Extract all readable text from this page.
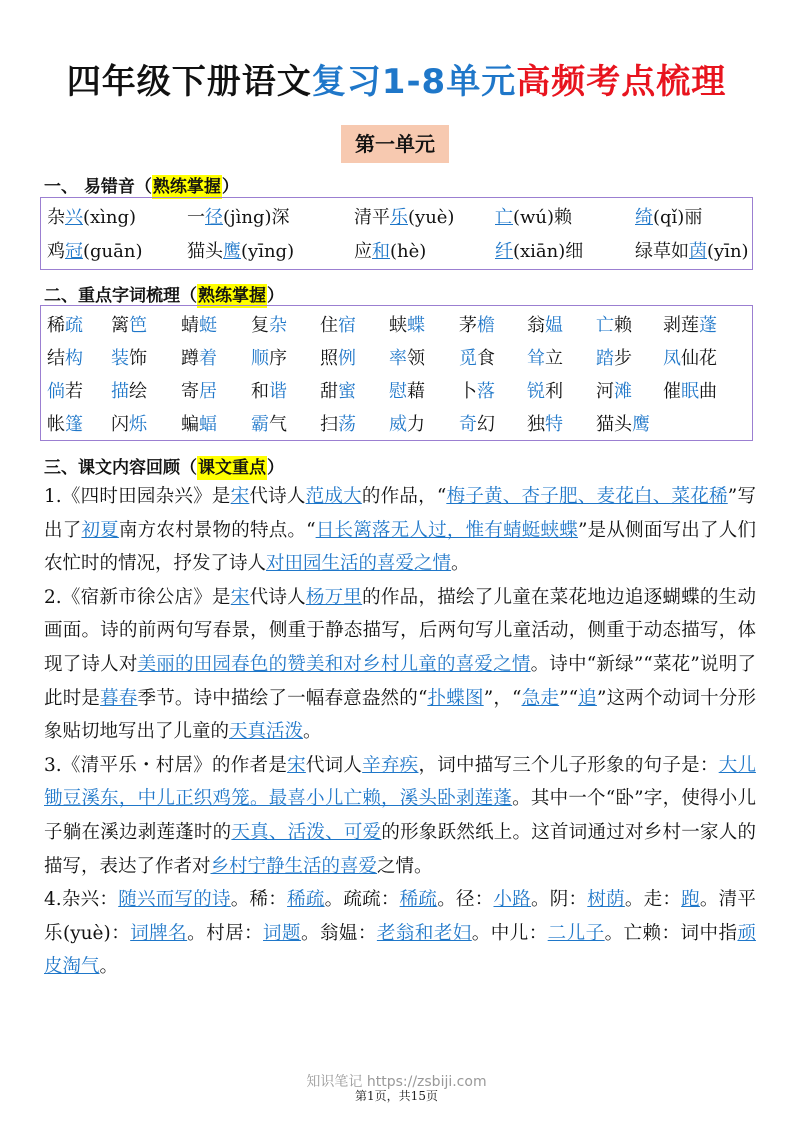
四年级下册语文复习1-8单元高频考点梳理
第一单元
一、 易错音（熟练掌握）
杂兴(xìng)	一径(jìng)深	清平乐(yuè) 亡(wú)赖	绮(qǐ)丽
鸡冠(guān) 猫头鹰(yīng)	应和(hè)	纤(xiān)细	绿草如茵(yīn)
二、重点字词梳理（熟练掌握）
稀疏 篱笆 蜻蜓 复杂 住宿 蛱蝶 茅檐 翁媪 亡赖 剥莲蓬
结构 装饰 蹲着 顺序 照例 率领 觅食 耸立 踏步 凤仙花
倘若 描绘 寄居 和谐 甜蜜 慰藉 卜落 锐利 河滩 催眠曲
帐篷 闪烁 蝙蝠 霸气 扫荡 威力 奇幻 独特 猫头鹰
三、课文内容回顾（课文重点）

1.《四时田园杂兴》是宋代诗人范成大的作品，“梅子黄、杏子肥、麦花白、菜花稀”写出了初夏南方农村景物的特点。“日长篱落无人过，惟有蜻蜓蛱蝶”是从侧面写出了人们农忙时的情况，抒发了诗人对田园生活的喜爱之情。

2.《宿新市徐公店》是宋代诗人杨万里的作品，描绘了儿童在菜花地边追逐蝴蝶的生动画面。诗的前两句写春景，侧重于静态描写，后两句写儿童活动，侧重于动态描写，体现了诗人对美丽的田园春色的赞美和对乡村儿童的喜爱之情。诗中“新绿”“菜花”说明了此时是暮春季节。诗中描绘了一幅春意盎然的“扑蝶图”，“急走”“追”这两个动词十分形象贴切地写出了儿童的天真活泼。

3.《清平乐・村居》的作者是宋代词人辛弃疾，词中描写三个儿子形象的句子是：大儿锄豆溪东，中儿正织鸡笼。最喜小儿亡赖，溪头卧剥莲蓬。其中一个“卧”字，使得小儿子躺在溪边剥莲蓬时的天真、活泼、可爱的形象跃然纸上。这首词通过对乡村一家人的描写，表达了作者对乡村宁静生活的喜爱之情。

4.杂兴：随兴而写的诗。稀：稀疏。疏疏：稀疏。径：小路。阴：树荫。走：跑。清平乐(yuè)：词牌名。村居：词题。翁媪：老翁和老妇。中儿：二儿子。亡赖：词中指顽皮淘气。

知识笔记 https://zsbiji.com
第1页，共15页
